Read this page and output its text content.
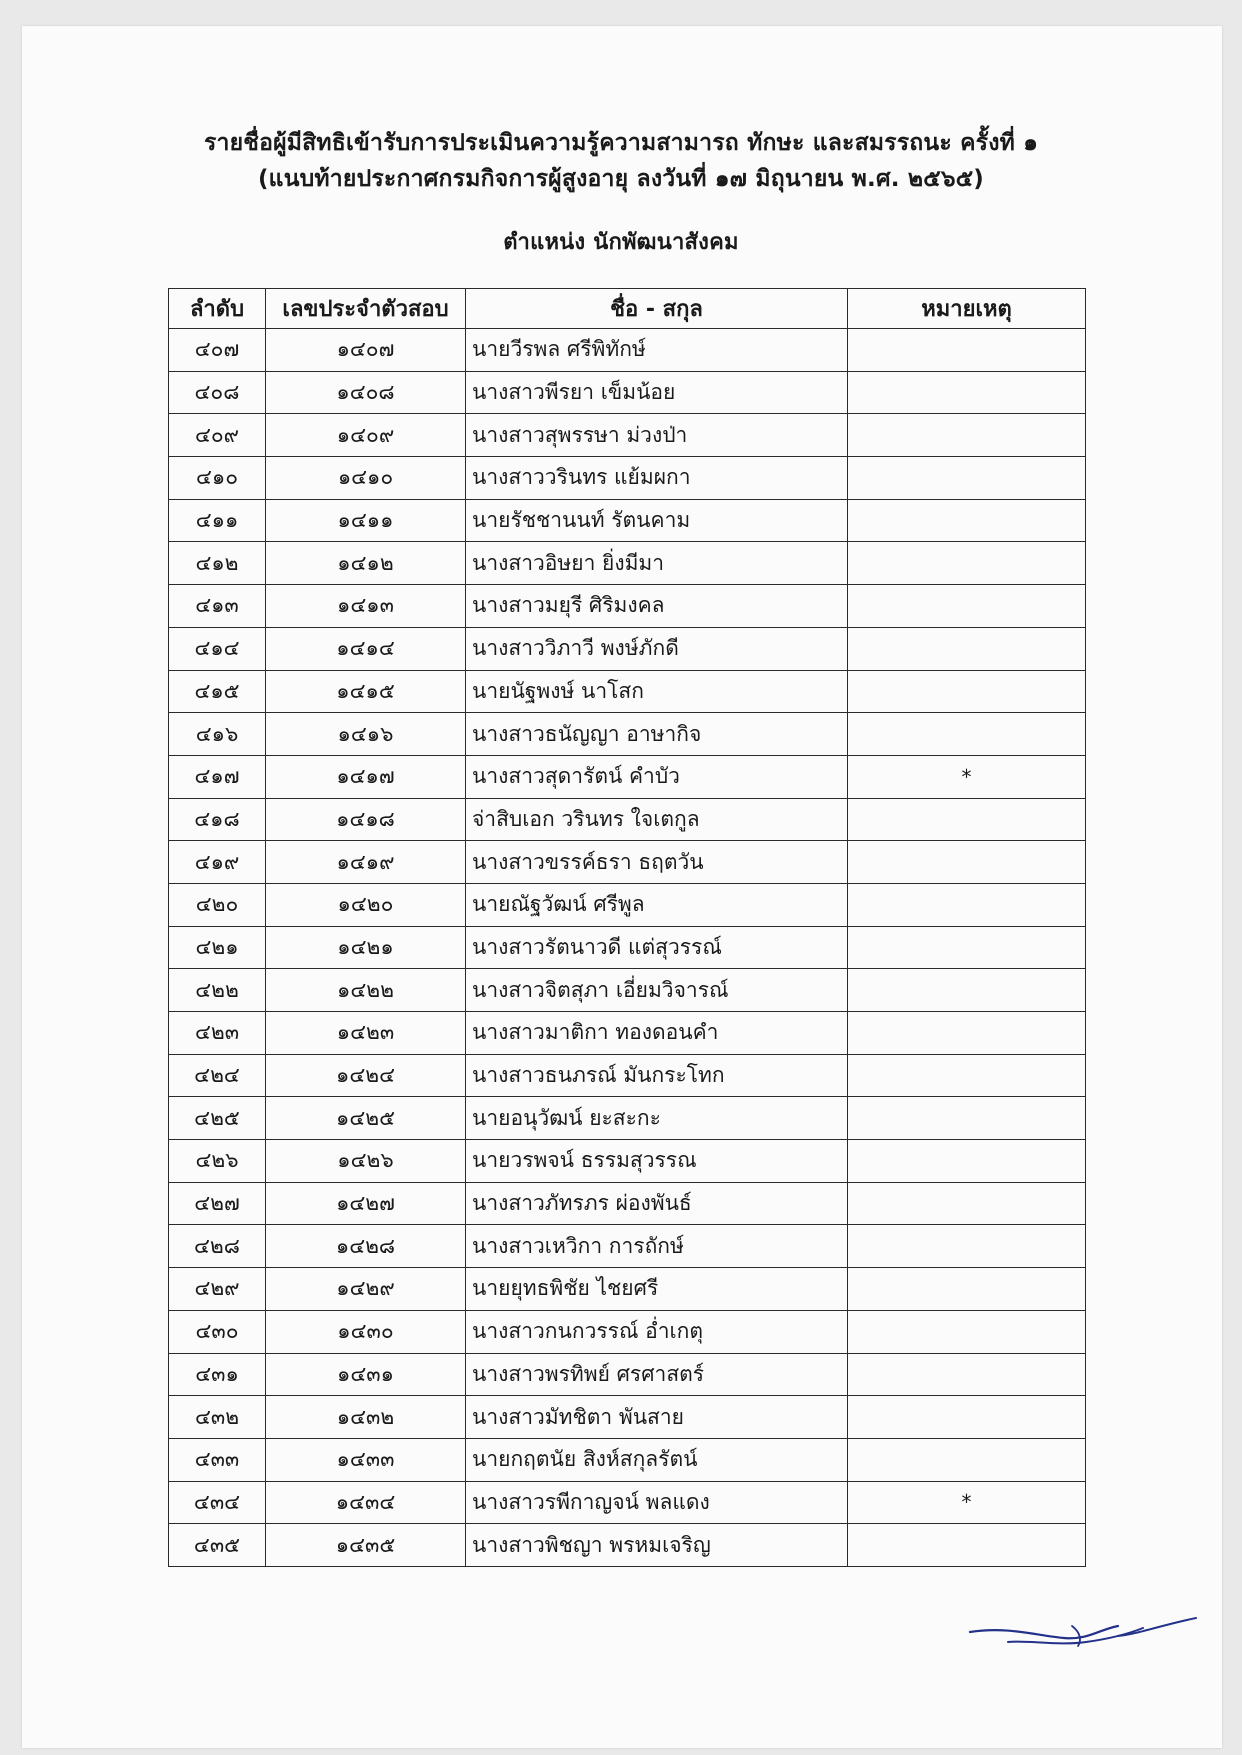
รายชื่อผู้มีสิทธิเข้ารับการประเมินความรู้ความสามารถ ทักษะ และสมรรถนะ ครั้งที่ ๑
(แนบท้ายประกาศกรมกิจการผู้สูงอายุ ลงวันที่ ๑๗ มิถุนายน พ.ศ. ๒๕๖๕)
ตำแหน่ง นักพัฒนาสังคม
ลำดับ	เลขประจำตัวสอบ	ชื่อ - สกุล	หมายเหตุ
๔๐๗	๑๔๐๗	นายวีรพล ศรีพิทักษ์	
๔๐๘	๑๔๐๘	นางสาวพีรยา เข็มน้อย	
๔๐๙	๑๔๐๙	นางสาวสุพรรษา ม่วงป่า	
๔๑๐	๑๔๑๐	นางสาววรินทร แย้มผกา	
๔๑๑	๑๔๑๑	นายรัชชานนท์ รัตนคาม	
๔๑๒	๑๔๑๒	นางสาวอิษยา ยิ่งมีมา	
๔๑๓	๑๔๑๓	นางสาวมยุรี ศิริมงคล	
๔๑๔	๑๔๑๔	นางสาววิภาวี พงษ์ภักดี	
๔๑๕	๑๔๑๕	นายนัฐพงษ์ นาโสก	
๔๑๖	๑๔๑๖	นางสาวธนัญญา อาษากิจ	
๔๑๗	๑๔๑๗	นางสาวสุดารัตน์ คำบัว	*
๔๑๘	๑๔๑๘	จ่าสิบเอก วรินทร ใจเตกูล	
๔๑๙	๑๔๑๙	นางสาวขรรค์ธรา ธฤตวัน	
๔๒๐	๑๔๒๐	นายณัฐวัฒน์ ศรีพูล	
๔๒๑	๑๔๒๑	นางสาวรัตนาวดี แต่สุวรรณ์	
๔๒๒	๑๔๒๒	นางสาวจิตสุภา เอี่ยมวิจารณ์	
๔๒๓	๑๔๒๓	นางสาวมาติกา ทองดอนคำ	
๔๒๔	๑๔๒๔	นางสาวธนภรณ์ มันกระโทก	
๔๒๕	๑๔๒๕	นายอนุวัฒน์ ยะสะกะ	
๔๒๖	๑๔๒๖	นายวรพจน์ ธรรมสุวรรณ	
๔๒๗	๑๔๒๗	นางสาวภัทรภร ผ่องพันธ์	
๔๒๘	๑๔๒๘	นางสาวเหวิกา การถักษ์	
๔๒๙	๑๔๒๙	นายยุทธพิชัย ไชยศรี	
๔๓๐	๑๔๓๐	นางสาวกนกวรรณ์ อ่ำเกตุ	
๔๓๑	๑๔๓๑	นางสาวพรทิพย์ ศรศาสตร์	
๔๓๒	๑๔๓๒	นางสาวมัทชิตา พันสาย	
๔๓๓	๑๔๓๓	นายกฤตนัย สิงห์สกุลรัตน์	
๔๓๔	๑๔๓๔	นางสาวรพีกาญจน์ พลแดง	*
๔๓๕	๑๔๓๕	นางสาวพิชญา พรหมเจริญ	
